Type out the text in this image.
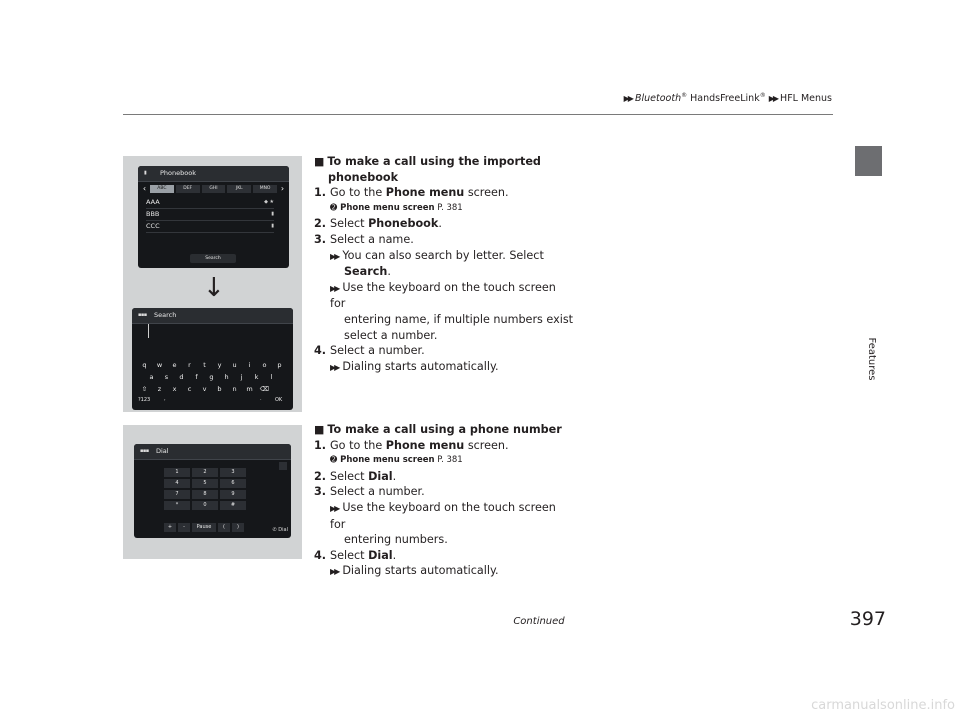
▶▶ Bluetooth® HandsFreeLink® ▶▶ HFL Menus
Features
▮	Phonebook
‹	ABC	DEF	GHI	JKL	MNO	›
AAA	◆ ★
BBB	▮
CCC	▮
Search
↓
▪▪▪ Search
q	w	e	r	t	y	u	i	o	p
a	s	d	f	g	h	j	k	l
⇧	z	x	c	v	b	n	m	⌫
?123	,	.	OK
▪▪▪ Dial
1	2	3
4	5	6
7	8	9
*	0	#
+	-	Pause	(	)	✆ Dial
■ To make a call using the imported
phonebook
1. Go to the Phone menu screen.
➋ Phone menu screen P. 381
2. Select Phonebook.
3. Select a name.
▶▶ You can also search by letter. Select
Search.
▶▶ Use the keyboard on the touch screen for
entering name, if multiple numbers exist
select a number.
4. Select a number.
▶▶ Dialing starts automatically.
■ To make a call using a phone number
1. Go to the Phone menu screen.
➋ Phone menu screen P. 381
2. Select Dial.
3. Select a number.
▶▶ Use the keyboard on the touch screen for
entering numbers.
4. Select Dial.
▶▶ Dialing starts automatically.
Continued	397
carmanualsonline.info
